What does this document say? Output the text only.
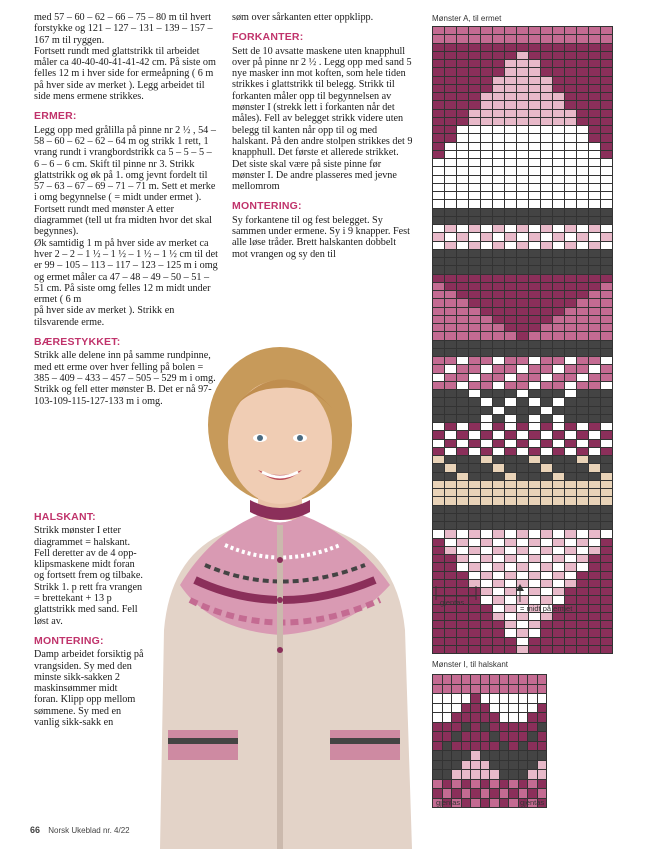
med 57 – 60 – 62 – 66 – 75 – 80 m til hvert forstykke og 121 – 127 – 131 – 139 – 157 – 167 m til ryggen.
Fortsett rundt med glattstrikk til arbeidet måler ca 40-40-40-41-41-42 cm. På siste om felles 12 m i hver side for ermeåpning ( 6 m på hver side av merket ). Legg arbeidet til side mens ermene strikkes.

ERMER:

Legg opp med grålilla på pinne nr 2 ½ , 54 – 58 – 60 – 62 – 62 – 64 m og strikk 1 rett, 1 vrang rundt i vrangbordstrikk ca 5 – 5 – 5 – 6 – 6 – 6 cm. Skift til pinne nr 3. Strikk glattstrikk og øk på 1. omg jevnt fordelt til 57 – 63 – 67 – 69 – 71 – 71 m. Sett et merke i omg begynnelse ( = midt under ermet ). Fortsett rundt med mønster A etter diagrammet (tell ut fra midten hvor det skal begynnes).
Øk samtidig 1 m på hver side av merket ca hver 2 – 2 – 1 ½ – 1 ½ – 1 ½ – 1 ½ cm til det er 99 – 105 – 113 – 117 – 123 – 125 m i omg og ermet måler ca 47 – 48 – 49 – 50 – 51 – 51 cm. På siste omg felles 12 m midt under ermet ( 6 m
på hver side av merket ). Strikk en tilsvarende erme.

BÆRESTYKKET:

Strikk alle delene inn på samme rundpinne, med ett erme over hver felling på bolen = 385 – 409 – 433 – 457 – 505 – 529 m i omg. Strikk og fell etter mønster B. Det er nå 97-103-109-115-127-133 m i omg.

HALSKANT:

Strikk mønster I etter diagrammet = halskant. Fell deretter av de 4 opp-klipsmaskene midt foran og fortsett frem og tilbake. Strikk 1. p rett fra vrangen = brettekant + 13 p glattstrikk med sand. Fell løst av.

MONTERING:

Damp arbeidet forsiktig på vrangsiden. Sy med den minste sikk-sakken 2 maskinsømmer midt foran. Klipp opp mellom sømmene. Sy med en vanlig sikk-sakk en

søm over sårkanten etter oppklipp.

FORKANTER:

Sett de 10 avsatte maskene uten knapphull over på pinne nr 2 ½ . Legg opp med sand 5 nye masker inn mot koften, som hele tiden strikkes i glattstrikk til belegg. Strikk til forkanten måler opp til begynnelsen av mønster I (strekk lett i forkanten når det måles). Fell av belegget strikk videre uten belegg til kanten når opp til og med halskant. På den andre stolpen strikkes det 9 knapphull. Det første et allerede strikket. Det siste skal være på siste pinne før mønster I. De andre plasseres med jevne mellomrom

MONTERING:

Sy forkantene til og fest belegget. Sy sammen under ermene. Sy i 9 knapper. Fest alle løse tråder. Brett halskanten dobbelt mot vrangen og sy den til

Mønster A, til ermet
gjentas
= midt på ermet
Mønster I, til halskant
gjentas	gjentas
66 Norsk Ukeblad nr. 4/22
